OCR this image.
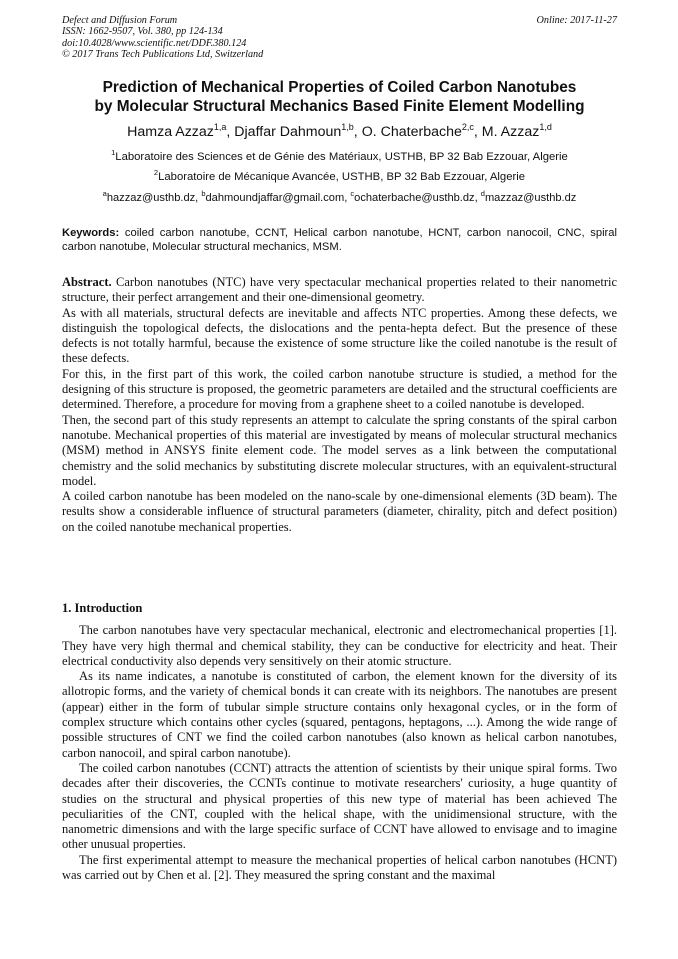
Defect and Diffusion Forum
ISSN: 1662-9507, Vol. 380, pp 124-134
doi:10.4028/www.scientific.net/DDF.380.124
© 2017 Trans Tech Publications Ltd, Switzerland
Online: 2017-11-27
Prediction of Mechanical Properties of Coiled Carbon Nanotubes
by Molecular Structural Mechanics Based Finite Element Modelling
Hamza Azzaz$^{1,a}$, Djaffar Dahmoun$^{1,b}$, O. Chaterbache$^{2,c}$, M. Azzaz$^{1,d}$
$^1$Laboratoire des Sciences et de Génie des Matériaux, USTHB, BP 32 Bab Ezzouar, Algerie
$^2$Laboratoire de Mécanique Avancée, USTHB, BP 32 Bab Ezzouar, Algerie
$^a$hazzaz@usthb.dz, $^b$dahmoundjaffar@gmail.com, $^c$ochaterbache@usthb.dz, $^d$mazzaz@usthb.dz
Keywords: coiled carbon nanotube, CCNT, Helical carbon nanotube, HCNT, carbon nanocoil, CNC, spiral carbon nanotube, Molecular structural mechanics, MSM.

Abstract. Carbon nanotubes (NTC) have very spectacular mechanical properties related to their nanometric structure, their perfect arrangement and their one-dimensional geometry.

As with all materials, structural defects are inevitable and affects NTC properties. Among these defects, we distinguish the topological defects, the dislocations and the penta-hepta defect. But the presence of these defects is not totally harmful, because the existence of some structure like the coiled nanotube is the result of these defects.

For this, in the first part of this work, the coiled carbon nanotube structure is studied, a method for the designing of this structure is proposed, the geometric parameters are detailed and the structural coefficients are determined. Therefore, a procedure for moving from a graphene sheet to a coiled nanotube is developed.

Then, the second part of this study represents an attempt to calculate the spring constants of the spiral carbon nanotube. Mechanical properties of this material are investigated by means of molecular structural mechanics (MSM) method in ANSYS finite element code. The model serves as a link between the computational chemistry and the solid mechanics by substituting discrete molecular structures, with an equivalent-structural model.

A coiled carbon nanotube has been modeled on the nano-scale by one-dimensional elements (3D beam). The results show a considerable influence of structural parameters (diameter, chirality, pitch and defect position) on the coiled nanotube mechanical properties.

1. Introduction

The carbon nanotubes have very spectacular mechanical, electronic and electromechanical properties [1]. They have very high thermal and chemical stability, they can be conductive for electricity and heat. Their electrical conductivity also depends very sensitively on their atomic structure.

As its name indicates, a nanotube is constituted of carbon, the element known for the diversity of its allotropic forms, and the variety of chemical bonds it can create with its neighbors. The nanotubes are present (appear) either in the form of tubular simple structure contains only hexagonal cycles, or in the form of complex structure which contains other cycles (squared, pentagons, heptagons, ...). Among the wide range of possible structures of CNT we find the coiled carbon nanotubes (also known as helical carbon nanotubes, carbon nanocoil, and spiral carbon nanotube).

The coiled carbon nanotubes (CCNT) attracts the attention of scientists by their unique spiral forms. Two decades after their discoveries, the CCNTs continue to motivate researchers' curiosity, a huge quantity of studies on the structural and physical properties of this new type of material has been achieved The peculiarities of the CNT, coupled with the helical shape, with the unidimensional structure, with the nanometric dimensions and with the large specific surface of CCNT have allowed to envisage and to imagine other unusual properties.

The first experimental attempt to measure the mechanical properties of helical carbon nanotubes (HCNT) was carried out by Chen et al. [2]. They measured the spring constant and the maximal
